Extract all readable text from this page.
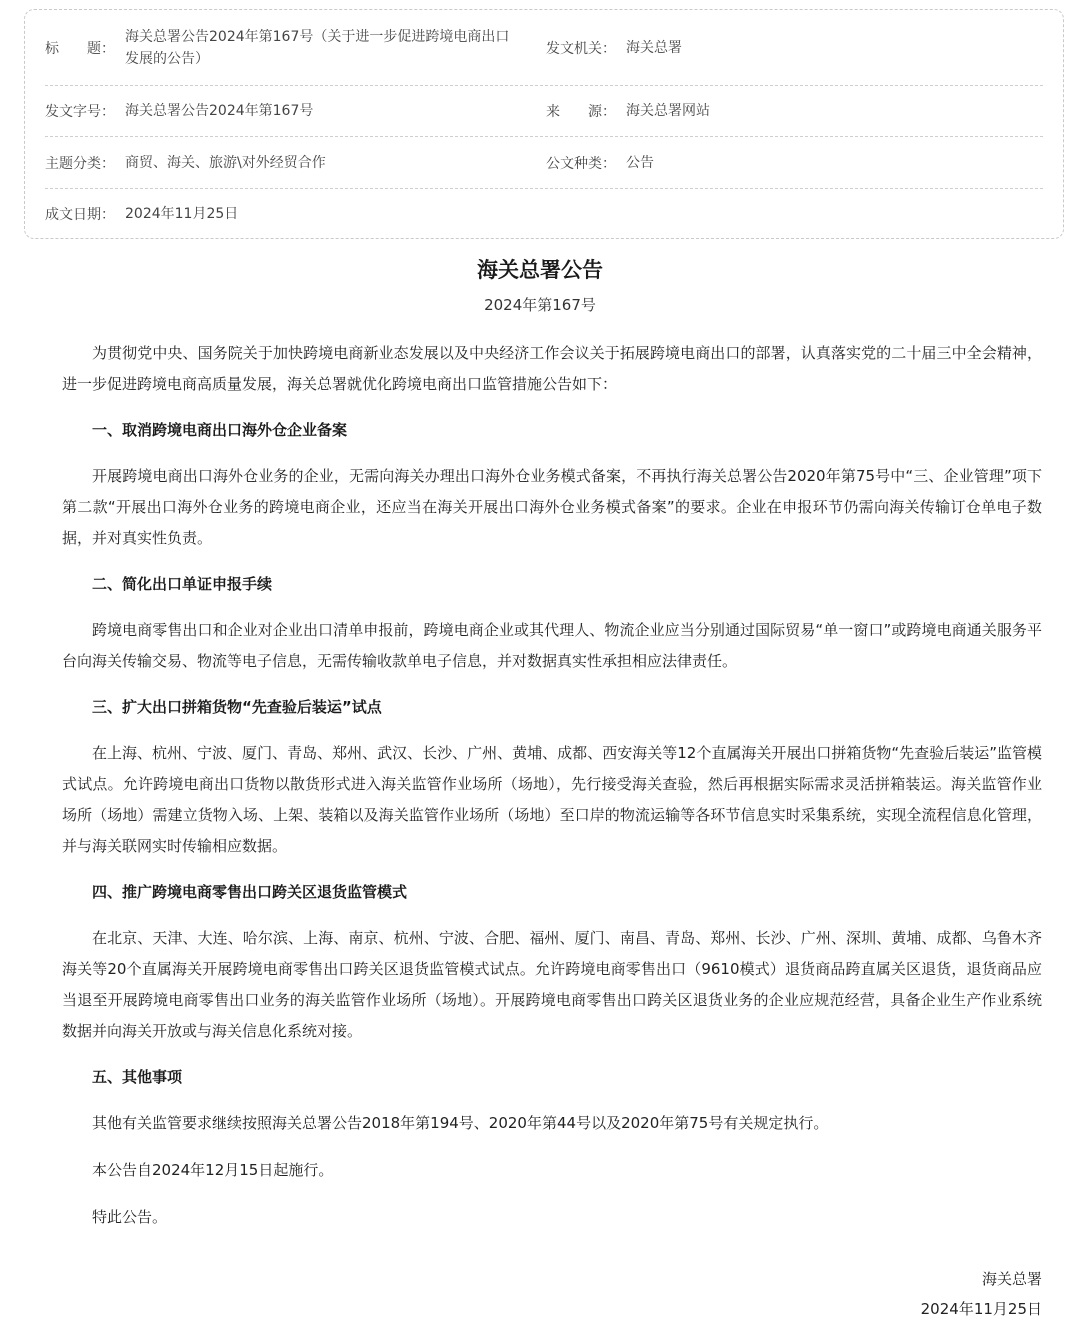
标　　题：
海关总署公告2024年第167号（关于进一步促进跨境电商出口发展的公告）
发文机关： 海关总署
发文字号： 海关总署公告2024年第167号	来　　源： 海关总署网站
主题分类： 商贸、海关、旅游\对外经贸合作	公文种类： 公告
成文日期： 2024年11月25日
海关总署公告
2024年第167号

为贯彻党中央、国务院关于加快跨境电商新业态发展以及中央经济工作会议关于拓展跨境电商出口的部署，认真落实党的二十届三中全会精神，进一步促进跨境电商高质量发展，海关总署就优化跨境电商出口监管措施公告如下：

一、取消跨境电商出口海外仓企业备案

开展跨境电商出口海外仓业务的企业，无需向海关办理出口海外仓业务模式备案，不再执行海关总署公告2020年第75号中“三、企业管理”项下第二款“开展出口海外仓业务的跨境电商企业，还应当在海关开展出口海外仓业务模式备案”的要求。企业在申报环节仍需向海关传输订仓单电子数据，并对真实性负责。

二、简化出口单证申报手续

跨境电商零售出口和企业对企业出口清单申报前，跨境电商企业或其代理人、物流企业应当分别通过国际贸易“单一窗口”或跨境电商通关服务平台向海关传输交易、物流等电子信息，无需传输收款单电子信息，并对数据真实性承担相应法律责任。

三、扩大出口拼箱货物“先查验后装运”试点

在上海、杭州、宁波、厦门、青岛、郑州、武汉、长沙、广州、黄埔、成都、西安海关等12个直属海关开展出口拼箱货物“先查验后装运”监管模式试点。允许跨境电商出口货物以散货形式进入海关监管作业场所（场地），先行接受海关查验，然后再根据实际需求灵活拼箱装运。海关监管作业场所（场地）需建立货物入场、上架、装箱以及海关监管作业场所（场地）至口岸的物流运输等各环节信息实时采集系统，实现全流程信息化管理，并与海关联网实时传输相应数据。

四、推广跨境电商零售出口跨关区退货监管模式

在北京、天津、大连、哈尔滨、上海、南京、杭州、宁波、合肥、福州、厦门、南昌、青岛、郑州、长沙、广州、深圳、黄埔、成都、乌鲁木齐海关等20个直属海关开展跨境电商零售出口跨关区退货监管模式试点。允许跨境电商零售出口（9610模式）退货商品跨直属关区退货，退货商品应当退至开展跨境电商零售出口业务的海关监管作业场所（场地）。开展跨境电商零售出口跨关区退货业务的企业应规范经营，具备企业生产作业系统数据并向海关开放或与海关信息化系统对接。

五、其他事项

其他有关监管要求继续按照海关总署公告2018年第194号、2020年第44号以及2020年第75号有关规定执行。

本公告自2024年12月15日起施行。

特此公告。

海关总署
2024年11月25日
